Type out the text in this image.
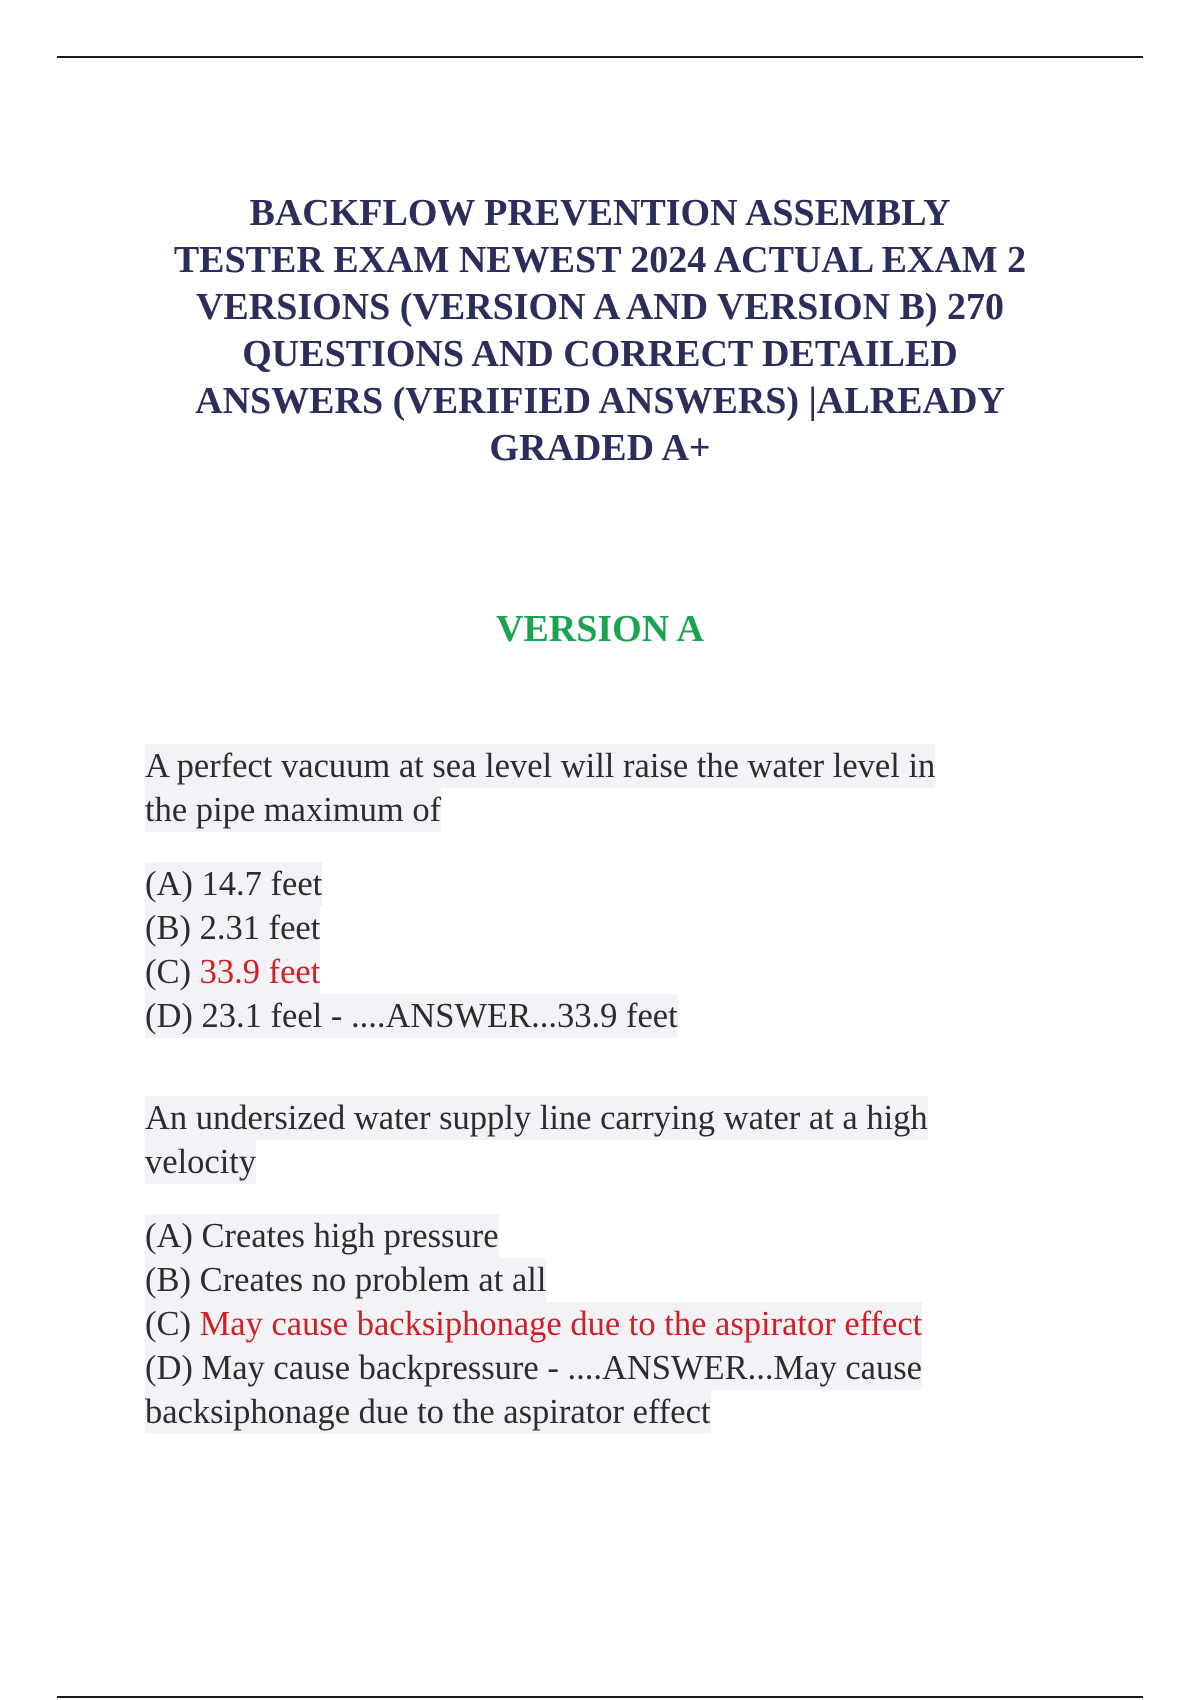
BACKFLOW PREVENTION ASSEMBLY
TESTER EXAM NEWEST 2024 ACTUAL EXAM 2
VERSIONS (VERSION A AND VERSION B) 270
QUESTIONS AND CORRECT DETAILED
ANSWERS (VERIFIED ANSWERS) |ALREADY
GRADED A+
VERSION A
A perfect vacuum at sea level will raise the water level in
the pipe maximum of
(A) 14.7 feet
(B) 2.31 feet
(C) 33.9 feet
(D) 23.1 feel - ....ANSWER...33.9 feet
An undersized water supply line carrying water at a high
velocity
(A) Creates high pressure
(B) Creates no problem at all
(C) May cause backsiphonage due to the aspirator effect
(D) May cause backpressure - ....ANSWER...May cause
backsiphonage due to the aspirator effect
